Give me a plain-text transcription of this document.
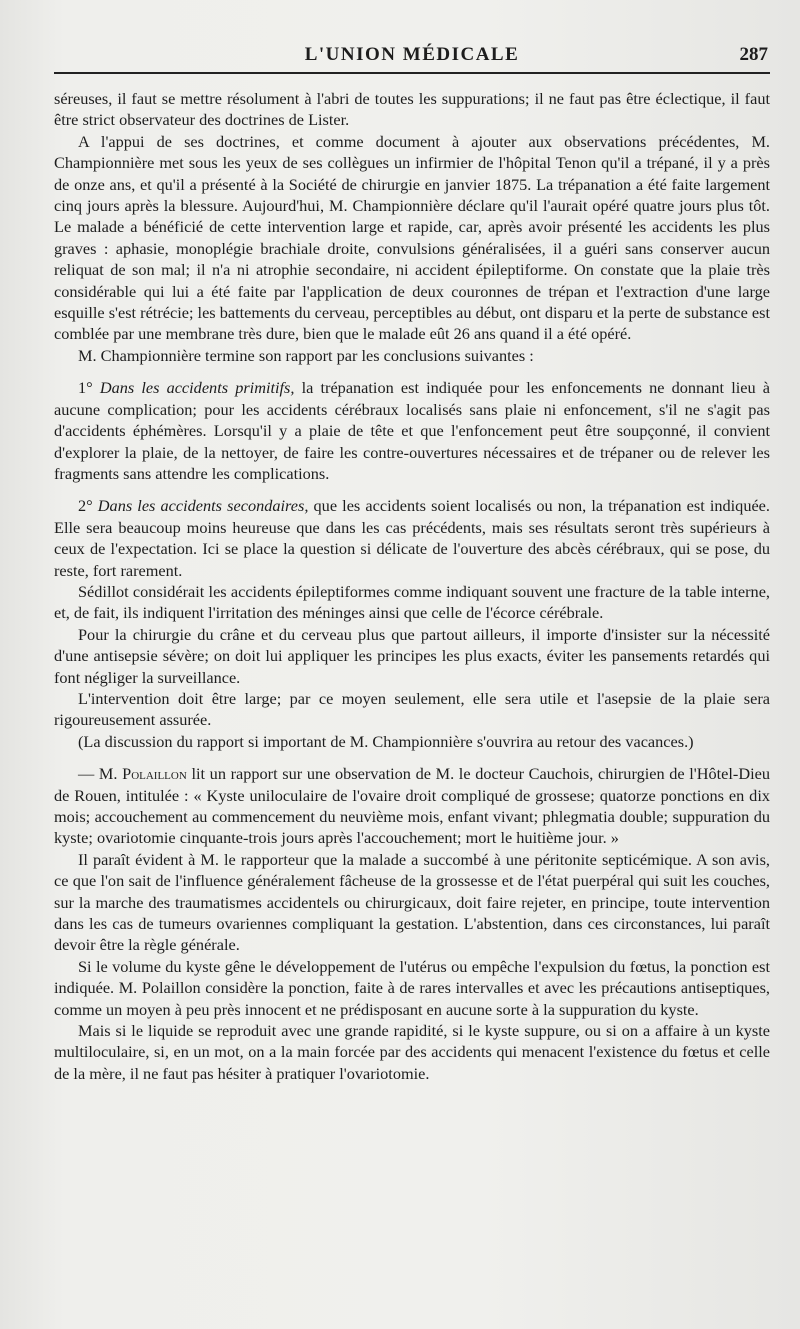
L'UNION MÉDICALE	287

séreuses, il faut se mettre résolument à l'abri de toutes les suppurations; il ne faut pas être éclectique, il faut être strict observateur des doctrines de Lister.

A l'appui de ses doctrines, et comme document à ajouter aux observations précédentes, M. Championnière met sous les yeux de ses collègues un infirmier de l'hôpital Tenon qu'il a trépané, il y a près de onze ans, et qu'il a présenté à la Société de chirurgie en janvier 1875. La trépanation a été faite largement cinq jours après la blessure. Aujourd'hui, M. Championnière déclare qu'il l'aurait opéré quatre jours plus tôt. Le malade a bénéficié de cette intervention large et rapide, car, après avoir présenté les accidents les plus graves : aphasie, monoplégie brachiale droite, convulsions généralisées, il a guéri sans conserver aucun reliquat de son mal; il n'a ni atrophie secondaire, ni accident épileptiforme. On constate que la plaie très considérable qui lui a été faite par l'application de deux couronnes de trépan et l'extraction d'une large esquille s'est rétrécie; les battements du cerveau, perceptibles au début, ont disparu et la perte de substance est comblée par une membrane très dure, bien que le malade eût 26 ans quand il a été opéré.

M. Championnière termine son rapport par les conclusions suivantes :

1° Dans les accidents primitifs, la trépanation est indiquée pour les enfoncements ne donnant lieu à aucune complication; pour les accidents cérébraux localisés sans plaie ni enfoncement, s'il ne s'agit pas d'accidents éphémères. Lorsqu'il y a plaie de tête et que l'enfoncement peut être soupçonné, il convient d'explorer la plaie, de la nettoyer, de faire les contre-ouvertures nécessaires et de trépaner ou de relever les fragments sans attendre les complications.

2° Dans les accidents secondaires, que les accidents soient localisés ou non, la trépanation est indiquée. Elle sera beaucoup moins heureuse que dans les cas précédents, mais ses résultats seront très supérieurs à ceux de l'expectation. Ici se place la question si délicate de l'ouverture des abcès cérébraux, qui se pose, du reste, fort rarement.

Sédillot considérait les accidents épileptiformes comme indiquant souvent une fracture de la table interne, et, de fait, ils indiquent l'irritation des méninges ainsi que celle de l'écorce cérébrale.

Pour la chirurgie du crâne et du cerveau plus que partout ailleurs, il importe d'insister sur la nécessité d'une antisepsie sévère; on doit lui appliquer les principes les plus exacts, éviter les pansements retardés qui font négliger la surveillance.

L'intervention doit être large; par ce moyen seulement, elle sera utile et l'asepsie de la plaie sera rigoureusement assurée.

(La discussion du rapport si important de M. Championnière s'ouvrira au retour des vacances.)

— M. Polaillon lit un rapport sur une observation de M. le docteur Cauchois, chirurgien de l'Hôtel-Dieu de Rouen, intitulée : « Kyste uniloculaire de l'ovaire droit compliqué de grossese; quatorze ponctions en dix mois; accouchement au commencement du neuvième mois, enfant vivant; phlegmatia double; suppuration du kyste; ovariotomie cinquante-trois jours après l'accouchement; mort le huitième jour. »

Il paraît évident à M. le rapporteur que la malade a succombé à une péritonite septicémique. A son avis, ce que l'on sait de l'influence généralement fâcheuse de la grossesse et de l'état puerpéral qui suit les couches, sur la marche des traumatismes accidentels ou chirurgicaux, doit faire rejeter, en principe, toute intervention dans les cas de tumeurs ovariennes compliquant la gestation. L'abstention, dans ces circonstances, lui paraît devoir être la règle générale.

Si le volume du kyste gêne le développement de l'utérus ou empêche l'expulsion du fœtus, la ponction est indiquée. M. Polaillon considère la ponction, faite à de rares intervalles et avec les précautions antiseptiques, comme un moyen à peu près innocent et ne prédisposant en aucune sorte à la suppuration du kyste.

Mais si le liquide se reproduit avec une grande rapidité, si le kyste suppure, ou si on a affaire à un kyste multiloculaire, si, en un mot, on a la main forcée par des accidents qui menacent l'existence du fœtus et celle de la mère, il ne faut pas hésiter à pratiquer l'ovariotomie.
